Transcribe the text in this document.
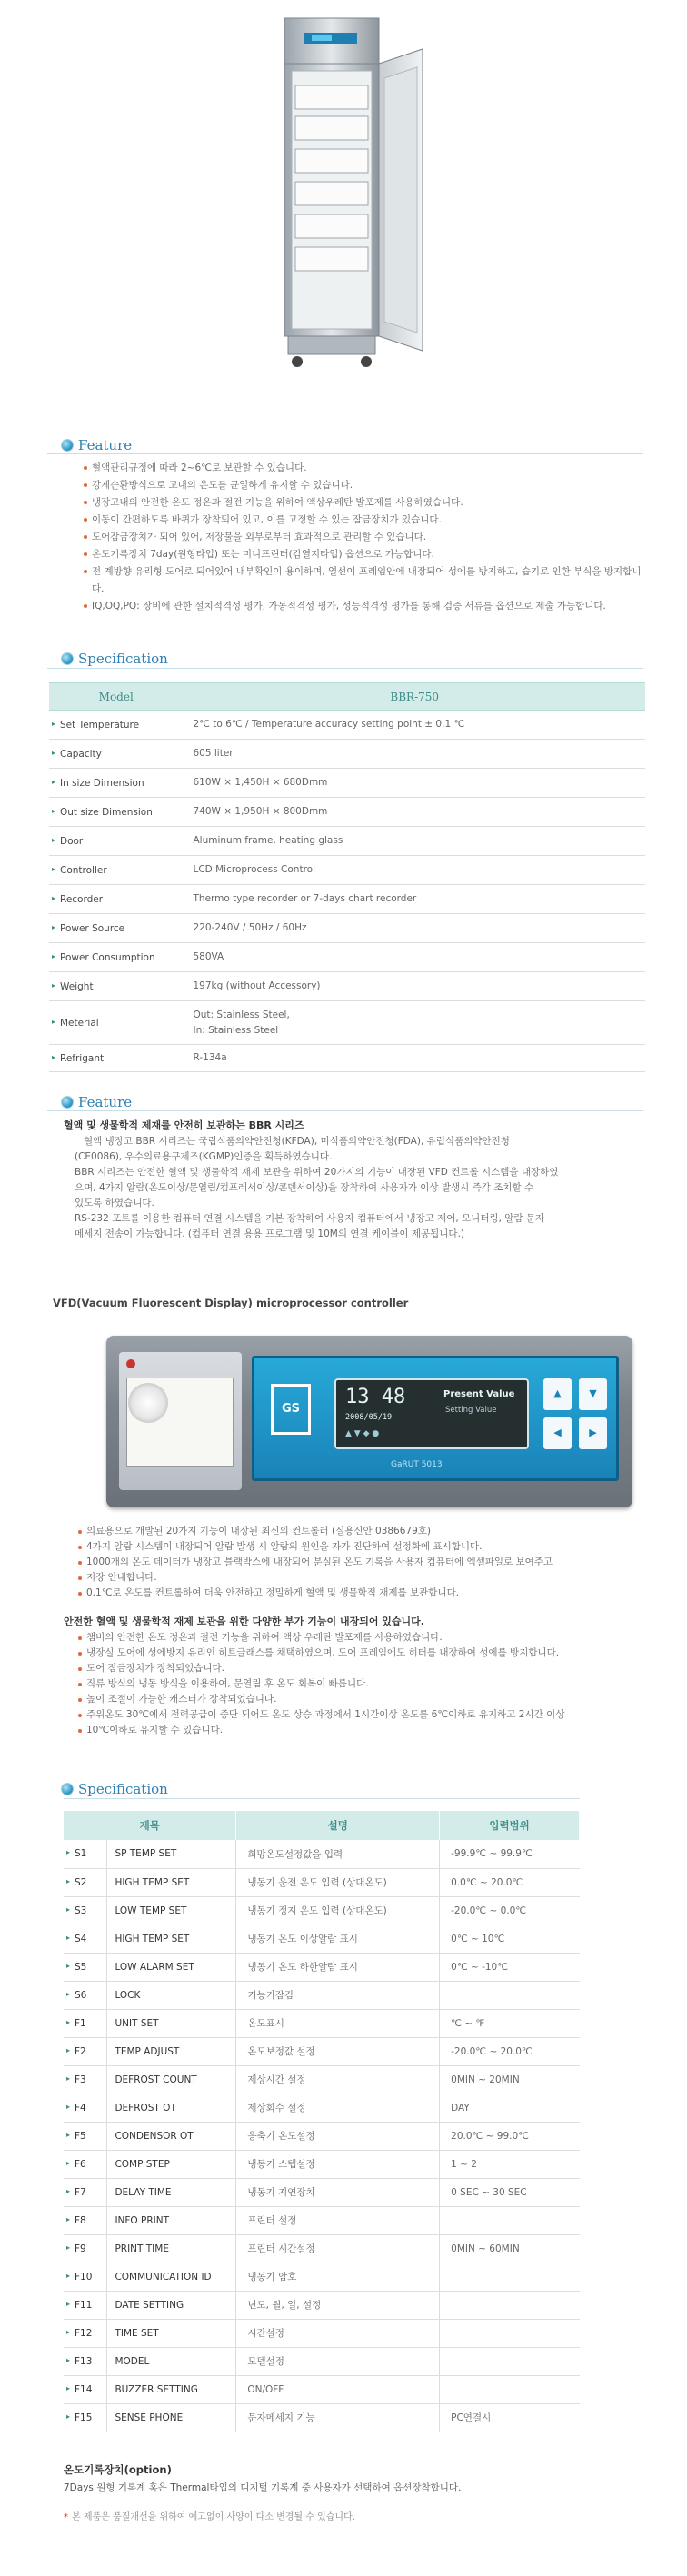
Feature
혈액관리규정에 따라 2~6℃로 보관할 수 있습니다.
강제순환방식으로 고내의 온도를 균일하게 유지할 수 있습니다.
냉장고내의 안전한 온도 정온과 절전 기능을 위하여 액상우레탄 발포제를 사용하였습니다.
이동이 간편하도록 바퀴가 장착되어 있고, 이를 고정할 수 있는 잠금장치가 있습니다.
도어잠금장치가 되어 있어, 저장물을 외부로부터 효과적으로 관리할 수 있습니다.
온도기록장치 7day(원형타입) 또는 미니프린터(감열지타입) 옵션으로 가능합니다.
전 계방향 유리형 도어로 되어있어 내부확인이 용이하며, 열선이 프레임안에 내장되어 성에를 방지하고, 습기로 인한 부식을 방지합니다.
IQ,OQ,PQ: 장비에 관한 설치적격성 평가, 가동적격성 평가, 성능적격성 평가를 통해 검증 서류를 옵션으로 제출 가능합니다.
Specification
Model	BBR-750
▸ Set Temperature	2℃ to 6℃ / Temperature accuracy setting point ± 0.1 ℃
▸ Capacity	605 liter
▸ In size Dimension	610W × 1,450H × 680Dmm
▸ Out size Dimension	740W × 1,950H × 800Dmm
▸ Door	Aluminum frame, heating glass
▸ Controller	LCD Microprocess Control
▸ Recorder	Thermo type recorder or 7-days chart recorder
▸ Power Source	220-240V / 50Hz / 60Hz
▸ Power Consumption	580VA
▸ Weight	197kg (without Accessory)
▸ Meterial	Out: Stainless Steel,
In: Stainless Steel
▸ Refrigant	R-134a
Feature
혈액 및 생물학적 제재를 안전히 보관하는 BBR 시리즈
혈액 냉장고 BBR 시리즈는 국립식품의약안전청(KFDA), 미식품의약안전청(FDA), 유럽식품의약안전청
(CE0086), 우수의료용구제조(KGMP)인증을 획득하였습니다.
BBR 시리즈는 안전한 혈액 및 생물학적 재제 보관을 위하여 20가지의 기능이 내장된 VFD 컨트롤 시스템을 내장하였
으며, 4가지 알람(온도이상/문열림/컴프레서이상/콘덴서이상)을 장착하여 사용자가 이상 발생시 즉각 조치할 수
있도록 하였습니다.
RS-232 포트를 이용한 컴퓨터 연결 시스템을 기본 장착하여 사용자 컴퓨터에서 냉장고 제어, 모니터링, 알람 문자
메세지 전송이 가능합니다. (컴퓨터 연결 용용 프로그램 및 10M의 연결 케이블이 제공됩니다.)
VFD(Vacuum Fluorescent Display) microprocessor controller
GS
13 48
2008/05/19
Present Value
Setting Value
▲ ▼ ◆ ●
▲	▼
◀	▶
GaRUT 5013
의료용으로 개발된 20가지 기능이 내장된 최신의 컨트롤러 (실용신안 0386679호)
4가지 알람 시스템이 내장되어 알람 발생 시 알람의 원인을 자가 진단하여 설정화에 표시합니다.
1000개의 온도 데이터가 냉장고 블랙박스에 내장되어 분실된 온도 기록을 사용자 컴퓨터에 엑셀파일로 보여주고
저장 안내합니다.
0.1℃로 온도를 컨트롤하여 더욱 안전하고 정밀하게 혈액 및 생물학적 재제를 보관합니다.
안전한 혈액 및 생물학적 재제 보관을 위한 다양한 부가 기능이 내장되어 있습니다.
챔버의 안전한 온도 정온과 절전 기능을 위하여 액상 우레탄 발포제를 사용하였습니다.
냉장실 도어에 성에방지 유리인 히트글래스를 채택하였으며, 도어 프레임에도 히터를 내장하여 성에를 방지합니다.
도어 잠금장치가 장착되었습니다.
직류 방식의 냉동 방식을 이용하여, 문열림 후 온도 회복이 빠릅니다.
높이 조절이 가능한 캐스터가 장착되었습니다.
주위온도 30℃에서 전력공급이 중단 되어도 온도 상승 과정에서 1시간이상 온도를 6℃이하로 유지하고 2시간 이상
10℃이하로 유지할 수 있습니다.
Specification
제목		설명	입력범위
▸ S1	SP TEMP SET	희망온도설정값을 입력	-99.9℃ ~ 99.9℃
▸ S2	HIGH TEMP SET	냉동기 운전 온도 입력 (상대온도)	0.0℃ ~ 20.0℃
▸ S3	LOW TEMP SET	냉동기 정지 온도 입력 (상대온도)	-20.0℃ ~ 0.0℃
▸ S4	HIGH TEMP SET	냉동기 온도 이상알람 표시	0℃ ~ 10℃
▸ S5	LOW ALARM SET	냉동기 온도 하한알람 표시	0℃ ~ -10℃
▸ S6	LOCK	기능키잠김	
▸ F1	UNIT SET	온도표시	℃ ~ ℉
▸ F2	TEMP ADJUST	온도보정값 설정	-20.0℃ ~ 20.0℃
▸ F3	DEFROST COUNT	제상시간 설정	0MIN ~ 20MIN
▸ F4	DEFROST OT	제상회수 설정	DAY
▸ F5	CONDENSOR OT	응축기 온도설정	20.0℃ ~ 99.0℃
▸ F6	COMP STEP	냉동기 스텝설정	1 ~ 2
▸ F7	DELAY TIME	냉동기 지연장치	0 SEC ~ 30 SEC
▸ F8	INFO PRINT	프린터 설정	
▸ F9	PRINT TIME	프린터 시간설정	0MIN ~ 60MIN
▸ F10	COMMUNICATION ID	냉동기 암호	
▸ F11	DATE SETTING	년도, 월, 일, 설정	
▸ F12	TIME SET	시간설정	
▸ F13	MODEL	모델설정	
▸ F14	BUZZER SETTING	ON/OFF	
▸ F15	SENSE PHONE	문자메세지 기능	PC연결시
온도기록장치(option)
7Days 원형 기록계 혹은 Thermal타입의 디지털 기록계 중 사용자가 선택하여 옵션장착합니다.
* 본 제품은 품질개선을 위하여 예고없이 사양이 다소 변경될 수 있습니다.
